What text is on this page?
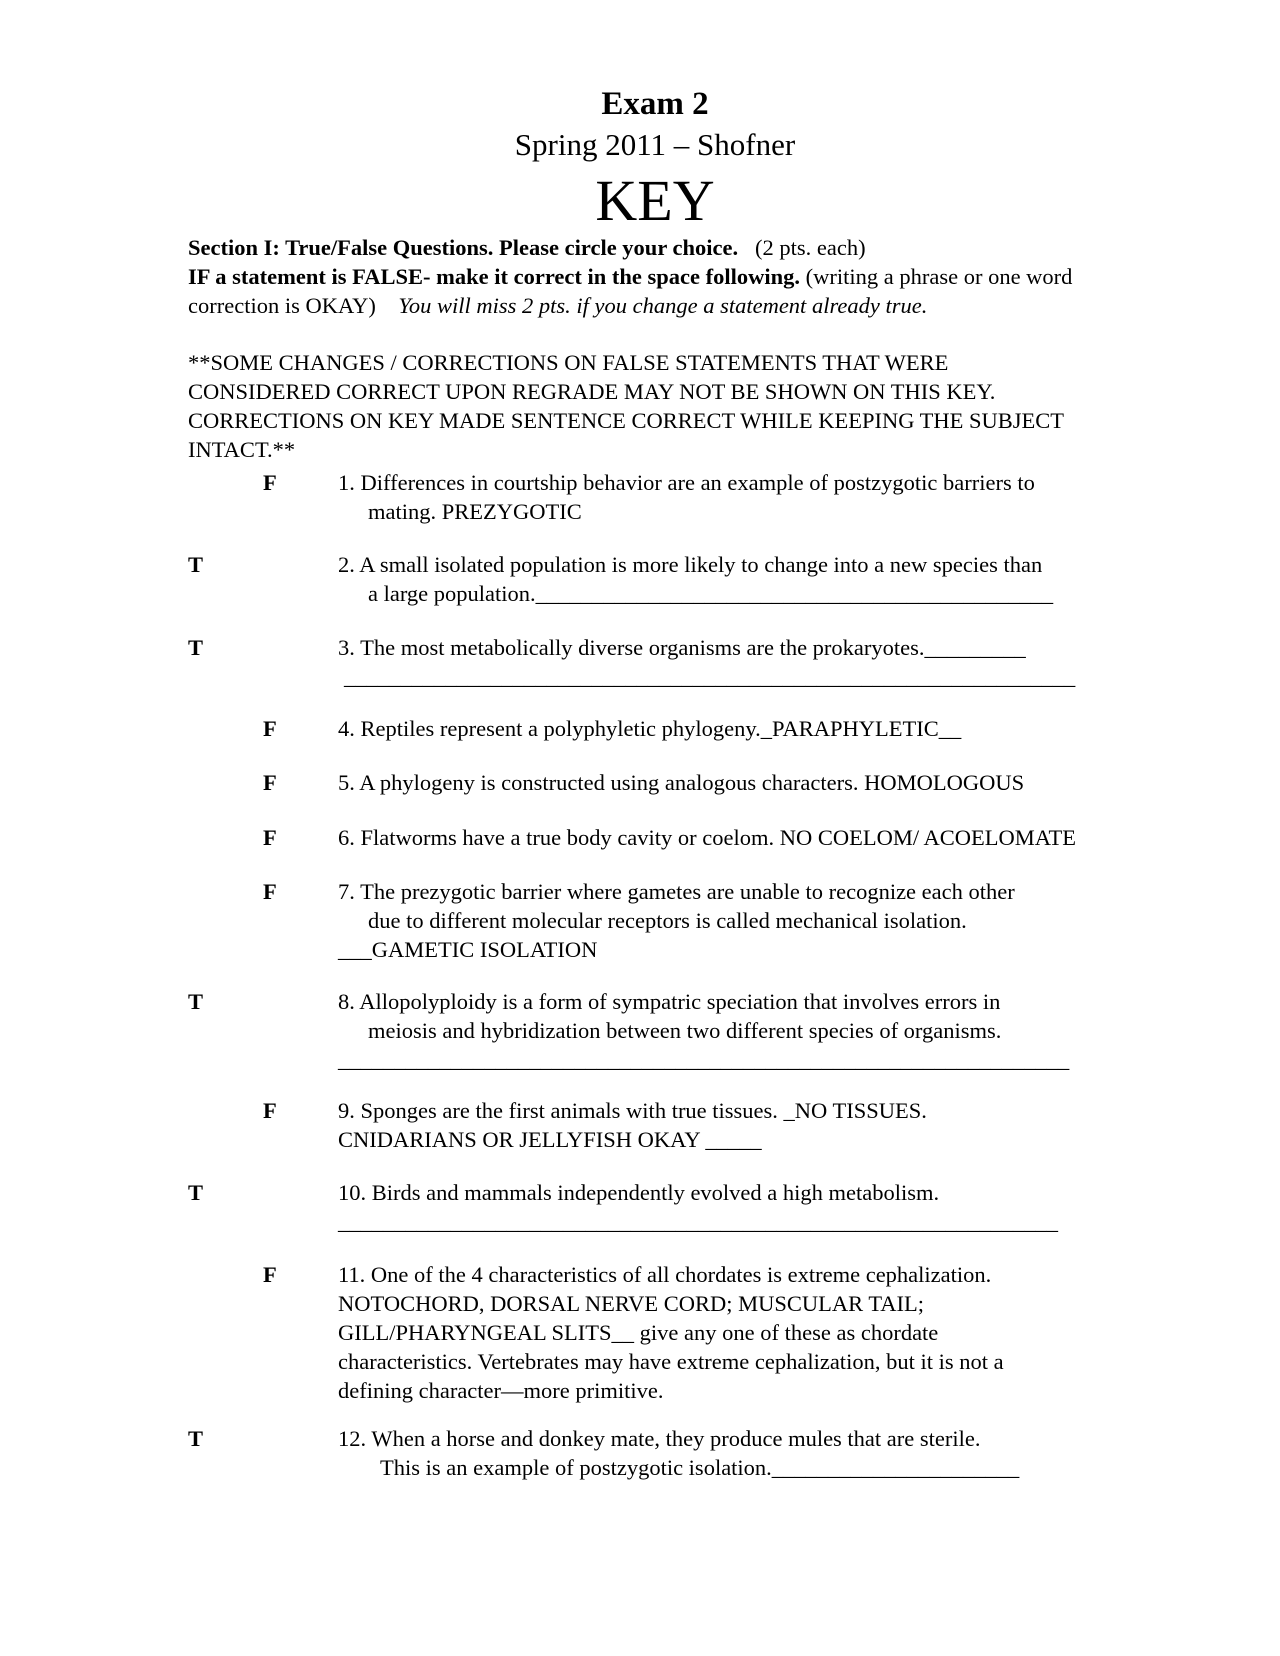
Exam 2
Spring 2011 – Shofner
KEY

Section I: True/False Questions. Please circle your choice. (2 pts. each)

IF a statement is FALSE- make it correct in the space following. (writing a phrase or one word

correction is OKAY) You will miss 2 pts. if you change a statement already true.

**SOME CHANGES / CORRECTIONS ON FALSE STATEMENTS THAT WERE
CONSIDERED CORRECT UPON REGRADE MAY NOT BE SHOWN ON THIS KEY.
CORRECTIONS ON KEY MADE SENTENCE CORRECT WHILE KEEPING THE SUBJECT
INTACT.**
F	1. Differences in courtship behavior are an example of postzygotic barriers to
mating. PREZYGOTIC
T	2. A small isolated population is more likely to change into a new species than
a large population.______________________________________________
T	3. The most metabolically diverse organisms are the prokaryotes._________
_________________________________________________________________
F	4. Reptiles represent a polyphyletic phylogeny._PARAPHYLETIC__
F	5. A phylogeny is constructed using analogous characters. HOMOLOGOUS
F	6. Flatworms have a true body cavity or coelom. NO COELOM/ ACOELOMATE
F	7. The prezygotic barrier where gametes are unable to recognize each other
due to different molecular receptors is called mechanical isolation.
___GAMETIC ISOLATION
T	8. Allopolyploidy is a form of sympatric speciation that involves errors in
meiosis and hybridization between two different species of organisms.
_________________________________________________________________
F	9. Sponges are the first animals with true tissues. _NO TISSUES.
CNIDARIANS OR JELLYFISH OKAY _____
T	10. Birds and mammals independently evolved a high metabolism.
________________________________________________________________
F	11. One of the 4 characteristics of all chordates is extreme cephalization.
NOTOCHORD, DORSAL NERVE CORD; MUSCULAR TAIL;
GILL/PHARYNGEAL SLITS__ give any one of these as chordate
characteristics. Vertebrates may have extreme cephalization, but it is not a
defining character—more primitive.
T	12. When a horse and donkey mate, they produce mules that are sterile.
This is an example of postzygotic isolation.______________________
